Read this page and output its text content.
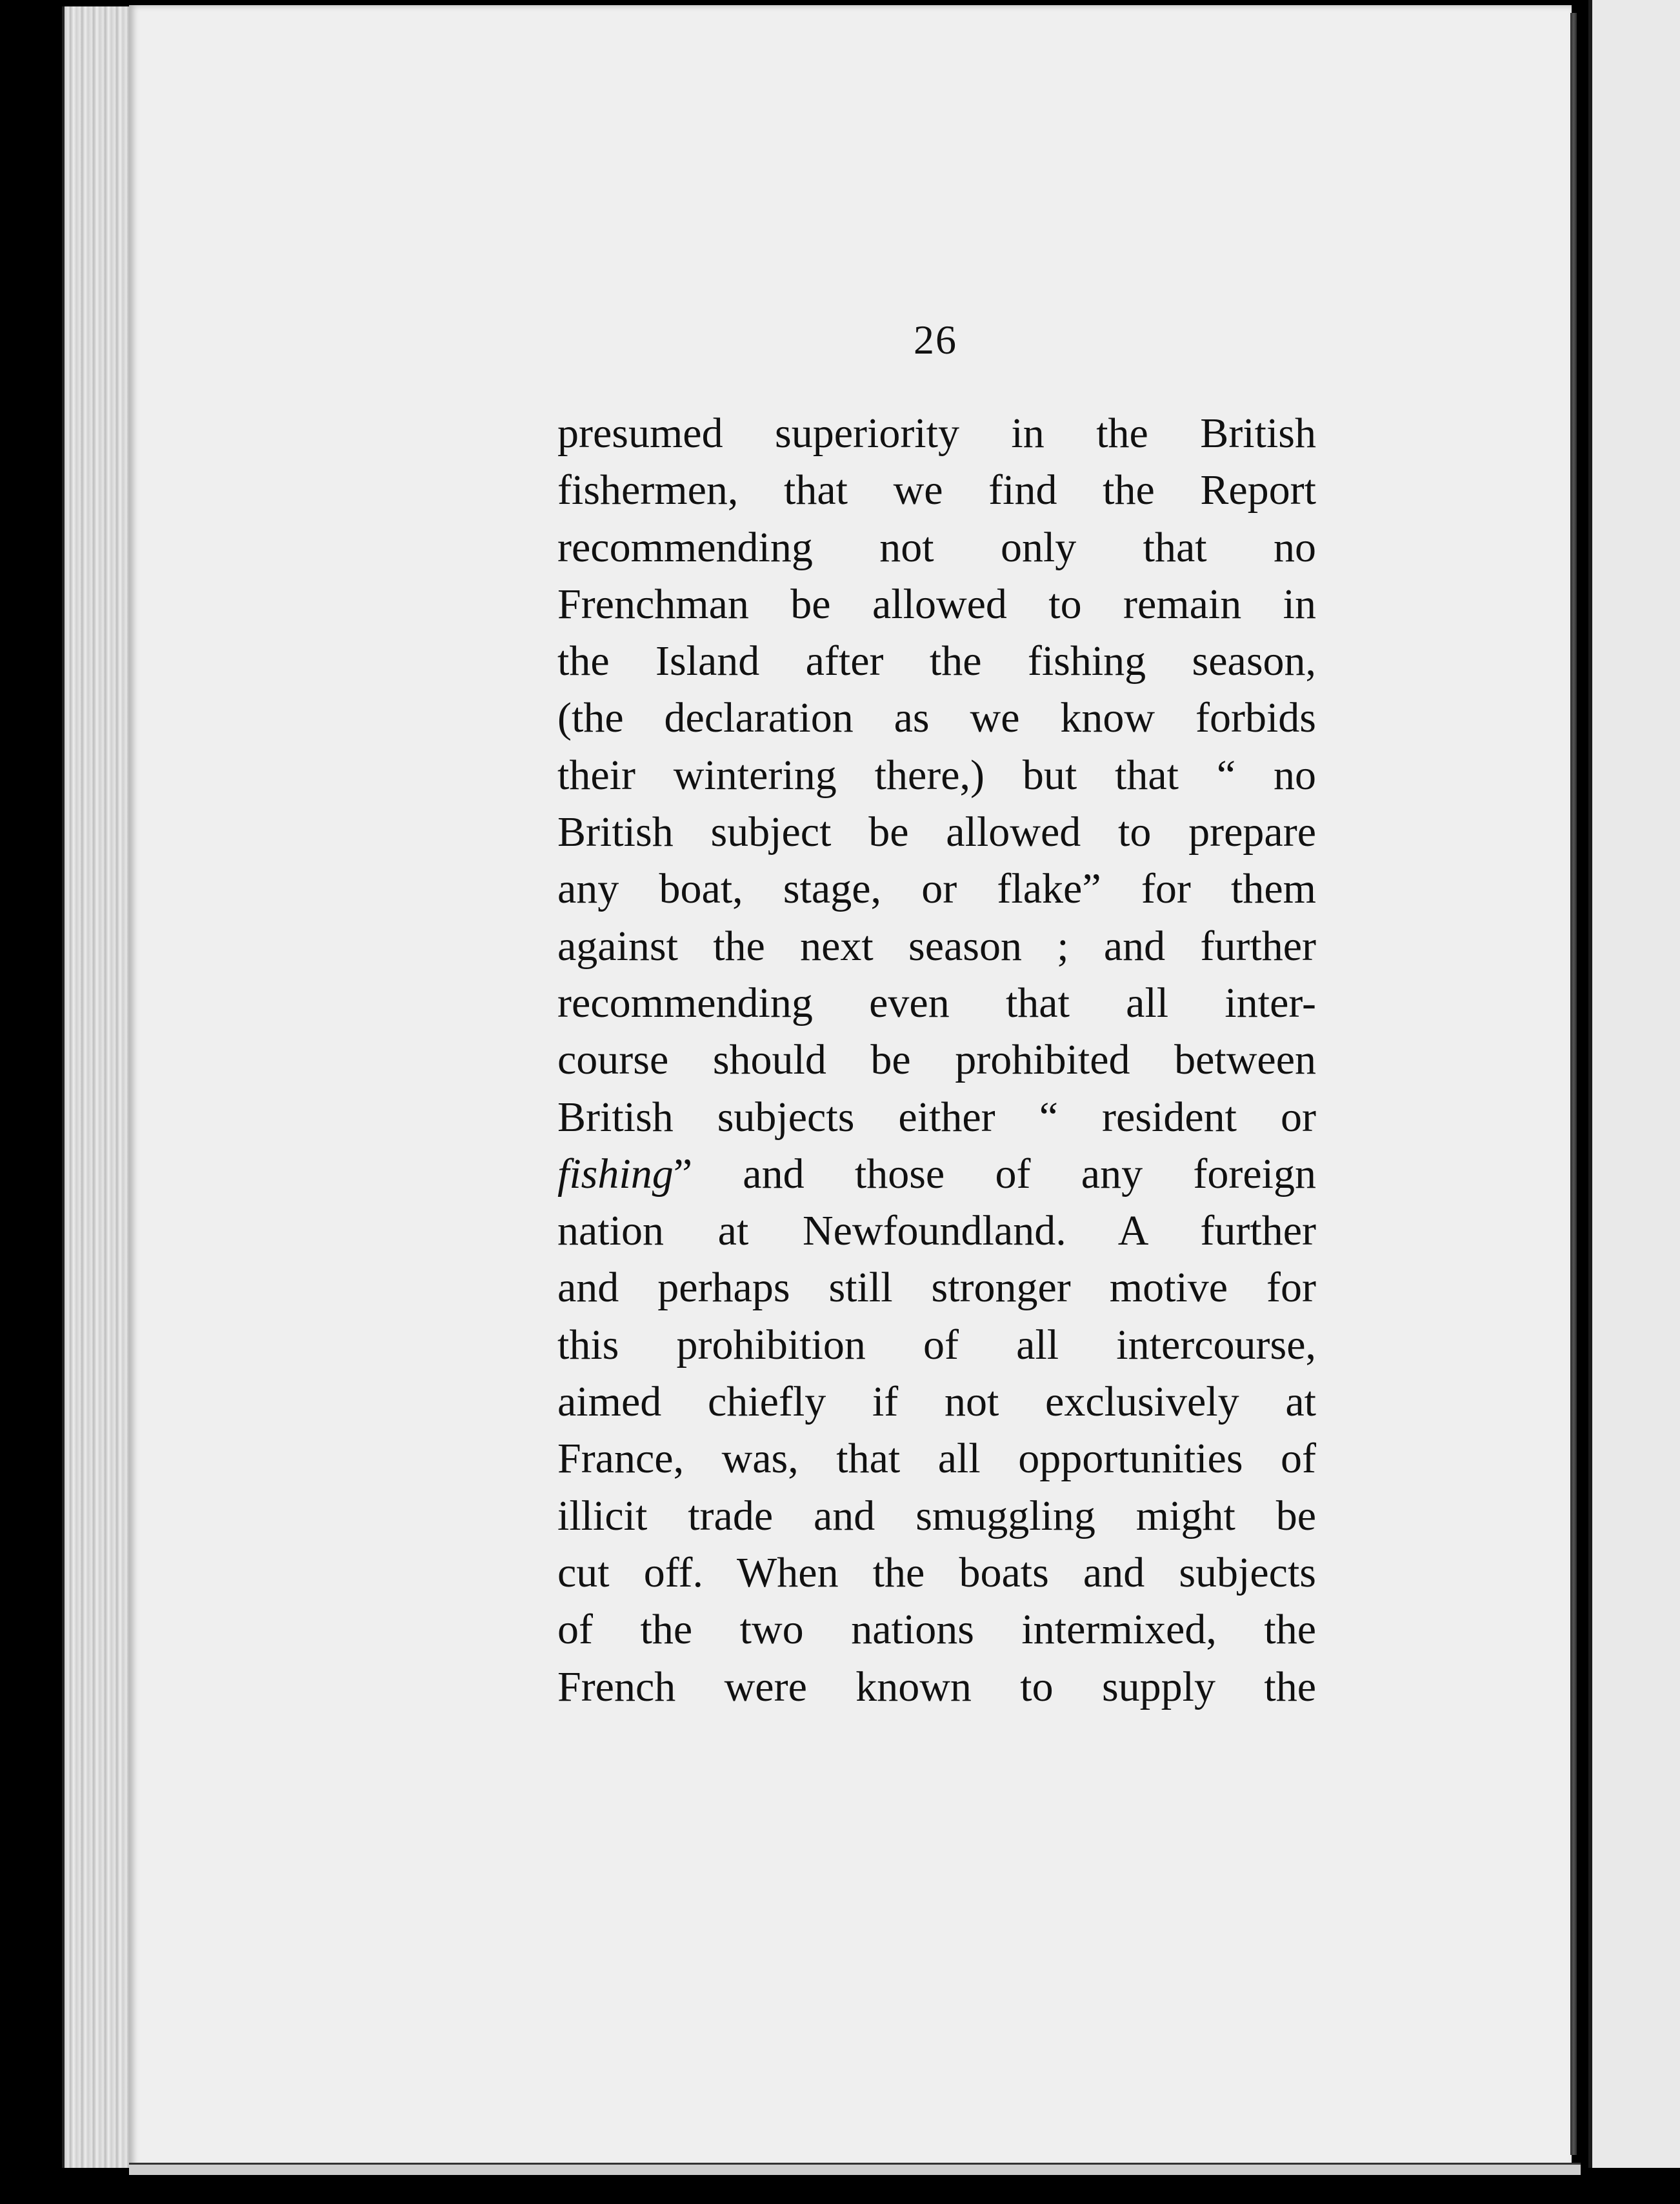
26
presumed superiority in the British
fishermen, that we find the Report
recommending not only that no
Frenchman be allowed to remain in
the Island after the fishing season,
(the declaration as we know forbids
their wintering there,) but that “ no
British subject be allowed to prepare
any boat, stage, or flake” for them
against the next season ; and further
recommending even that all inter-
course should be prohibited between
British subjects either “ resident or
fishing” and those of any foreign
nation at Newfoundland. A further
and perhaps still stronger motive for
this prohibition of all intercourse,
aimed chiefly if not exclusively at
France, was, that all opportunities of
illicit trade and smuggling might be
cut off. When the boats and subjects
of the two nations intermixed, the
French were known to supply the
